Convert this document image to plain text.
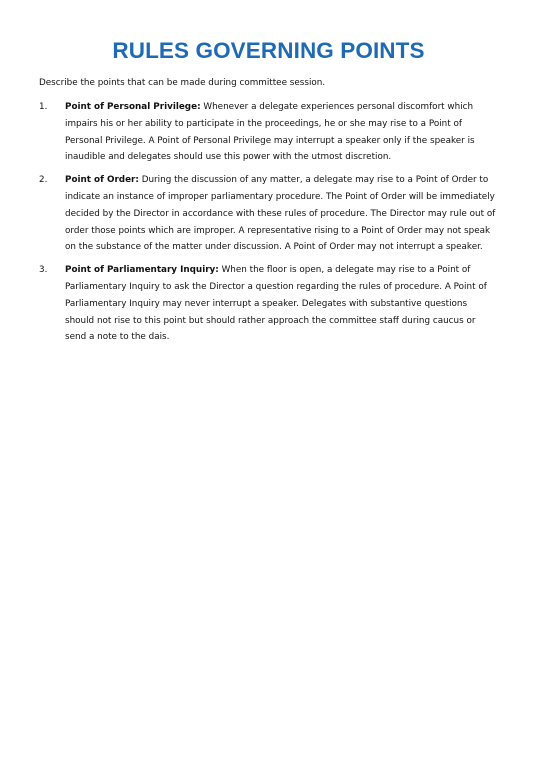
RULES GOVERNING POINTS

Describe the points that can be made during committee session.

1.	Point of Personal Privilege: Whenever a delegate experiences personal discomfort which impairs his or her ability to participate in the proceedings, he or she may rise to a Point of Personal Privilege. A Point of Personal Privilege may interrupt a speaker only if the speaker is inaudible and delegates should use this power with the utmost discretion.
2.	Point of Order: During the discussion of any matter, a delegate may rise to a Point of Order to indicate an instance of improper parliamentary procedure. The Point of Order will be immediately decided by the Director in accordance with these rules of procedure. The Director may rule out of order those points which are improper. A representative rising to a Point of Order may not speak on the substance of the matter under discussion. A Point of Order may not interrupt a speaker.
3.	Point of Parliamentary Inquiry: When the floor is open, a delegate may rise to a Point of Parliamentary Inquiry to ask the Director a question regarding the rules of procedure. A Point of Parliamentary Inquiry may never interrupt a speaker. Delegates with substantive questions should not rise to this point but should rather approach the committee staff during caucus or send a note to the dais.
